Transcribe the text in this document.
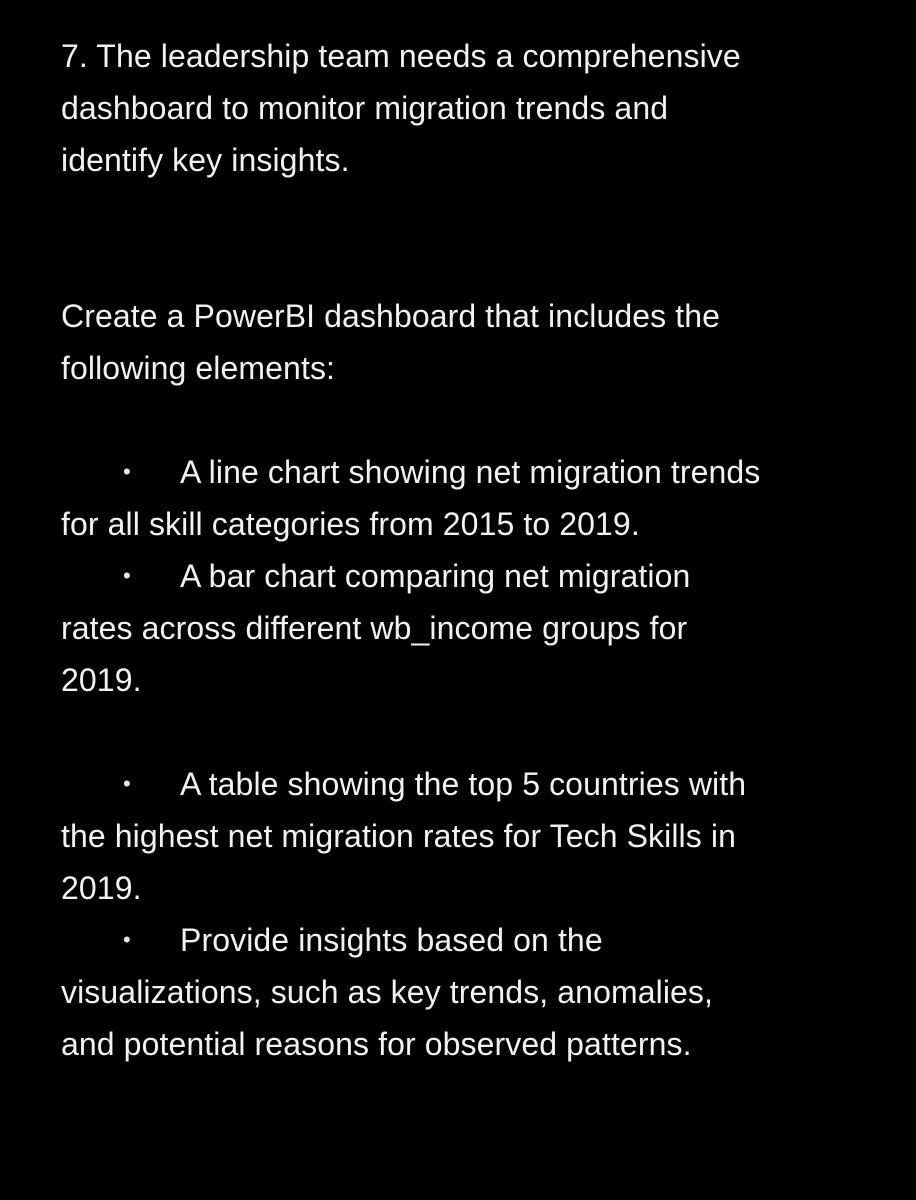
7. The leadership team needs a comprehensive
dashboard to monitor migration trends and
identify key insights.
Create a PowerBI dashboard that includes the
following elements:
• A line chart showing net migration trends
for all skill categories from 2015 to 2019.
• A bar chart comparing net migration
rates across different wb_income groups for
2019.
• A table showing the top 5 countries with
the highest net migration rates for Tech Skills in
2019.
• Provide insights based on the
visualizations, such as key trends, anomalies,
and potential reasons for observed patterns.
